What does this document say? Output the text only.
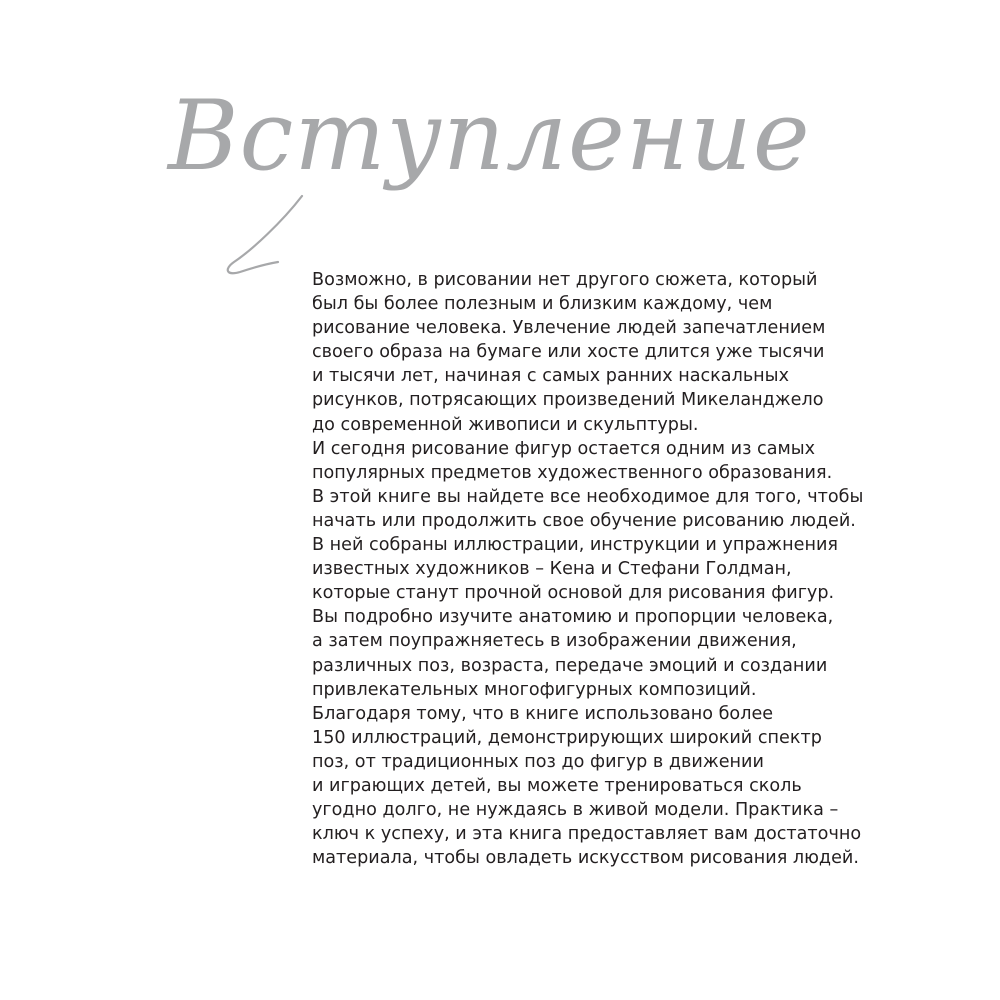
Вступление
Возможно, в рисовании нет другого сюжета, который
был бы более полезным и близким каждому, чем
рисование человека. Увлечение людей запечатлением
своего образа на бумаге или хосте длится уже тысячи
и тысячи лет, начиная с самых ранних наскальных
рисунков, потрясающих произведений Микеланджело
до современной живописи и скульптуры.
И сегодня рисование фигур остается одним из самых
популярных предметов художественного образования.
В этой книге вы найдете все необходимое для того, чтобы
начать или продолжить свое обучение рисованию людей.
В ней собраны иллюстрации, инструкции и упражнения
известных художников – Кена и Стефани Голдман,
которые станут прочной основой для рисования фигур.
Вы подробно изучите анатомию и пропорции человека,
а затем поупражняетесь в изображении движения,
различных поз, возраста, передаче эмоций и создании
привлекательных многофигурных композиций.
Благодаря тому, что в книге использовано более
150 иллюстраций, демонстрирующих широкий спектр
поз, от традиционных поз до фигур в движении
и играющих детей, вы можете тренироваться сколь
угодно долго, не нуждаясь в живой модели. Практика –
ключ к успеху, и эта книга предоставляет вам достаточно
материала, чтобы овладеть искусством рисования людей.
